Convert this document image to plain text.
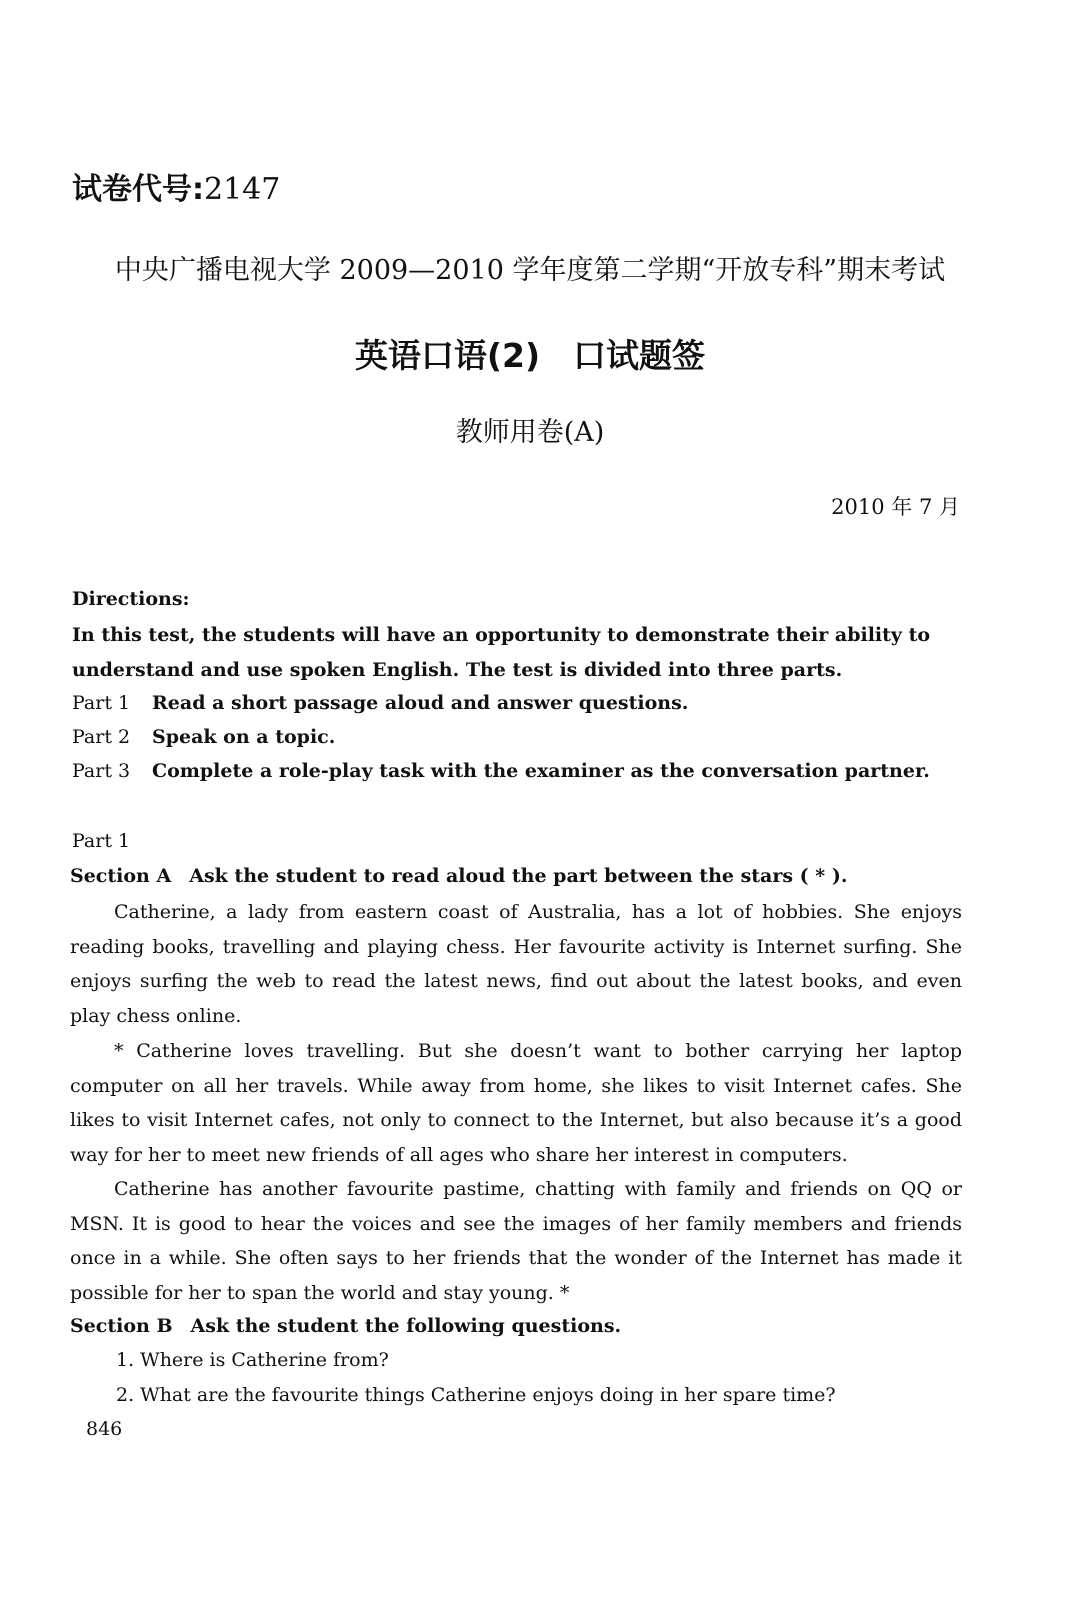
试卷代号:2147
中央广播电视大学 2009—2010 学年度第二学期“开放专科”期末考试
英语口语(2)　口试题签
教师用卷(A)
2010 年 7 月
Directions:
In this test, the students will have an opportunity to demonstrate their ability to understand and use spoken English. The test is divided into three parts.
Part 1 Read a short passage aloud and answer questions.
Part 2 Speak on a topic.
Part 3 Complete a role-play task with the examiner as the conversation partner.
Part 1
Section A Ask the student to read aloud the part between the stars ( * ).

Catherine, a lady from eastern coast of Australia, has a lot of hobbies. She enjoys reading books, travelling and playing chess. Her favourite activity is Internet surfing. She enjoys surfing the web to read the latest news, find out about the latest books, and even play chess online.

* Catherine loves travelling. But she doesn’t want to bother carrying her laptop computer on all her travels. While away from home, she likes to visit Internet cafes. She likes to visit Internet cafes, not only to connect to the Internet, but also because it’s a good way for her to meet new friends of all ages who share her interest in computers.

Catherine has another favourite pastime, chatting with family and friends on QQ or MSN. It is good to hear the voices and see the images of her family members and friends once in a while. She often says to her friends that the wonder of the Internet has made it possible for her to span the world and stay young. *

Section B Ask the student the following questions.
1. Where is Catherine from?
2. What are the favourite things Catherine enjoys doing in her spare time?
846
